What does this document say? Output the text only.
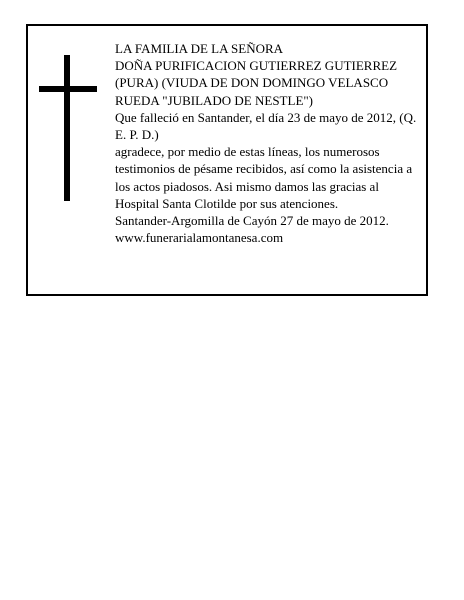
LA FAMILIA DE LA SEÑORA

DOÑA PURIFICACION GUTIERREZ GUTIERREZ (PURA) (VIUDA DE DON DOMINGO VELASCO RUEDA "JUBILADO DE NESTLE")

Que falleció en Santander, el día 23 de mayo de 2012, (Q. E. P. D.)

agradece, por medio de estas líneas, los numerosos testimonios de pésame recibidos, así como la asistencia a los actos piadosos. Asi mismo damos las gracias al Hospital Santa Clotilde por sus atenciones.

Santander-Argomilla de Cayón 27 de mayo de 2012.

www.funerarialamontanesa.com
